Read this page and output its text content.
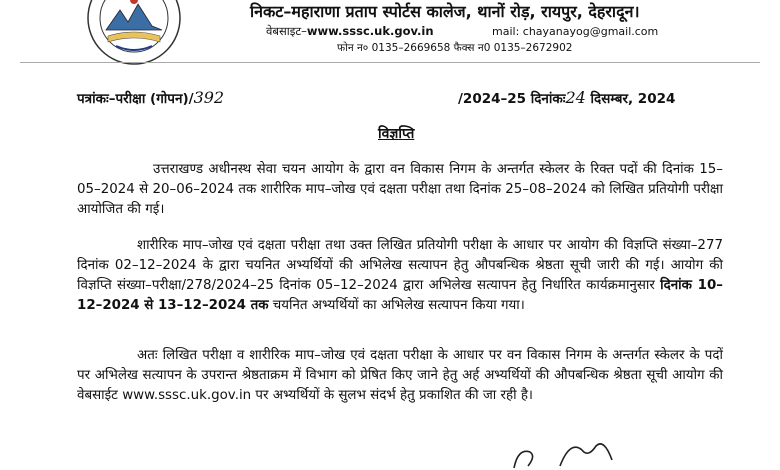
निकट–महाराणा प्रताप स्पोर्टस कालेज, थानों रोड़, रायपुर, देहरादून।
वेबसाइट–www.sssc.uk.gov.in	mail: chayanayog@gmail.com
फोन न० 0135–2669658 फैक्स न0 0135–2672902
पत्रांकः–परीक्षा (गोपन)/392	/2024–25 दिनांकः24 दिसम्बर, 2024
विज्ञप्ति
उत्तराखण्ड अधीनस्थ सेवा चयन आयोग के द्वारा वन विकास निगम के अन्तर्गत स्केलर के रिक्त पदों की दिनांक 15–05–2024 से 20–06–2024 तक शारीरिक माप–जोख एवं दक्षता परीक्षा तथा दिनांक 25–08–2024 को लिखित प्रतियोगी परीक्षा आयोजित की गई।
शारीरिक माप–जोख एवं दक्षता परीक्षा तथा उक्त लिखित प्रतियोगी परीक्षा के आधार पर आयोग की विज्ञप्ति संख्या–277 दिनांक 02–12–2024 के द्वारा चयनित अभ्यर्थियों की अभिलेख सत्यापन हेतु औपबन्धिक श्रेष्ठता सूची जारी की गई। आयोग की विज्ञप्ति संख्या–परीक्षा/278/2024–25 दिनांक 05–12–2024 द्वारा अभिलेख सत्यापन हेतु निर्धारित कार्यक्रमानुसार दिनांक 10–12–2024 से 13–12–2024 तक चयनित अभ्यर्थियों का अभिलेख सत्यापन किया गया।
अतः लिखित परीक्षा व शारीरिक माप–जोख एवं दक्षता परीक्षा के आधार पर वन विकास निगम के अन्तर्गत स्केलर के पदों पर अभिलेख सत्यापन के उपरान्त श्रेष्ठताक्रम में विभाग को प्रेषित किए जाने हेतु अर्ह अभ्यर्थियों की औपबन्धिक श्रेष्ठता सूची आयोग की वेबसाईट www.sssc.uk.gov.in पर अभ्यर्थियों के सुलभ संदर्भ हेतु प्रकाशित की जा रही है।
